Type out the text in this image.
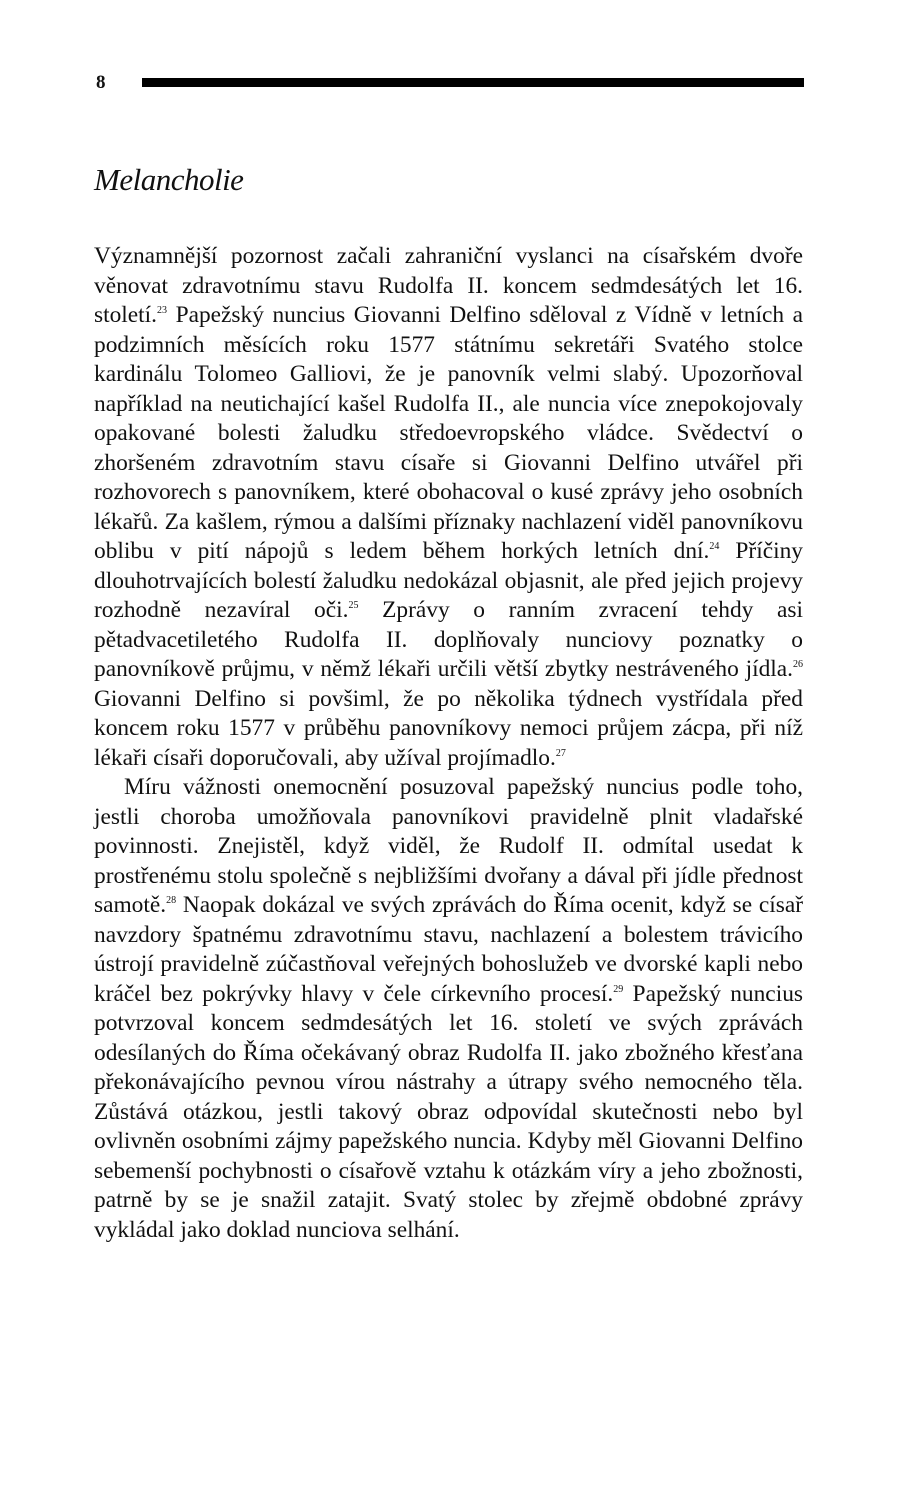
8
Melancholie

Významnější pozornost začali zahraniční vyslanci na císařském dvoře věnovat zdravotnímu stavu Rudolfa II. koncem sedmdesátých let 16. století.$^{23}$ Papežský nuncius Giovanni Delfino sděloval z Vídně v letních a podzimních měsících roku 1577 státnímu sekretáři Svatého stolce kardinálu Tolomeo Galliovi, že je panovník velmi slabý. Upozorňoval například na neutichající kašel Rudolfa II., ale nuncia více znepokojovaly opakované bolesti žaludku středoevropského vládce. Svědectví o zhoršeném zdravotním stavu císaře si Giovanni Delfino utvářel při rozhovorech s panovníkem, které obohacoval o kusé zprávy jeho osobních lékařů. Za kašlem, rýmou a dalšími příznaky nachlazení viděl panovníkovu oblibu v pití nápojů s ledem během horkých letních dní.$^{24}$ Příčiny dlouhotrvajících bolestí žaludku nedokázal objasnit, ale před jejich projevy rozhodně nezavíral oči.$^{25}$ Zprávy o ranním zvracení tehdy asi pětadvacetiletého Rudolfa II. doplňovaly nunciovy poznatky o panovníkově průjmu, v němž lékaři určili větší zbytky nestráveného jídla.$^{26}$ Giovanni Delfino si povšiml, že po několika týdnech vystřídala před koncem roku 1577 v průběhu panovníkovy nemoci průjem zácpa, při níž lékaři císaři doporučovali, aby užíval projímadlo.$^{27}$

Míru vážnosti onemocnění posuzoval papežský nuncius podle toho, jestli choroba umožňovala panovníkovi pravidelně plnit vladařské povinnosti. Znejistěl, když viděl, že Rudolf II. odmítal usedat k prostřenému stolu společně s nejbližšími dvořany a dával při jídle přednost samotě.$^{28}$ Naopak dokázal ve svých zprávách do Říma ocenit, když se císař navzdory špatnému zdravotnímu stavu, nachlazení a bolestem trávicího ústrojí pravidelně zúčastňoval veřejných bohoslužeb ve dvorské kapli nebo kráčel bez pokrývky hlavy v čele církevního procesí.$^{29}$ Papežský nuncius potvrzoval koncem sedmdesátých let 16. století ve svých zprávách odesílaných do Říma očekávaný obraz Rudolfa II. jako zbožného křesťana překonávajícího pevnou vírou nástrahy a útrapy svého nemocného těla. Zůstává otázkou, jestli takový obraz odpovídal skutečnosti nebo byl ovlivněn osobními zájmy papežského nuncia. Kdyby měl Giovanni Delfino sebemenší pochybnosti o císařově vztahu k otázkám víry a jeho zbožnosti, patrně by se je snažil zatajit. Svatý stolec by zřejmě obdobné zprávy vykládal jako doklad nunciova selhání.
